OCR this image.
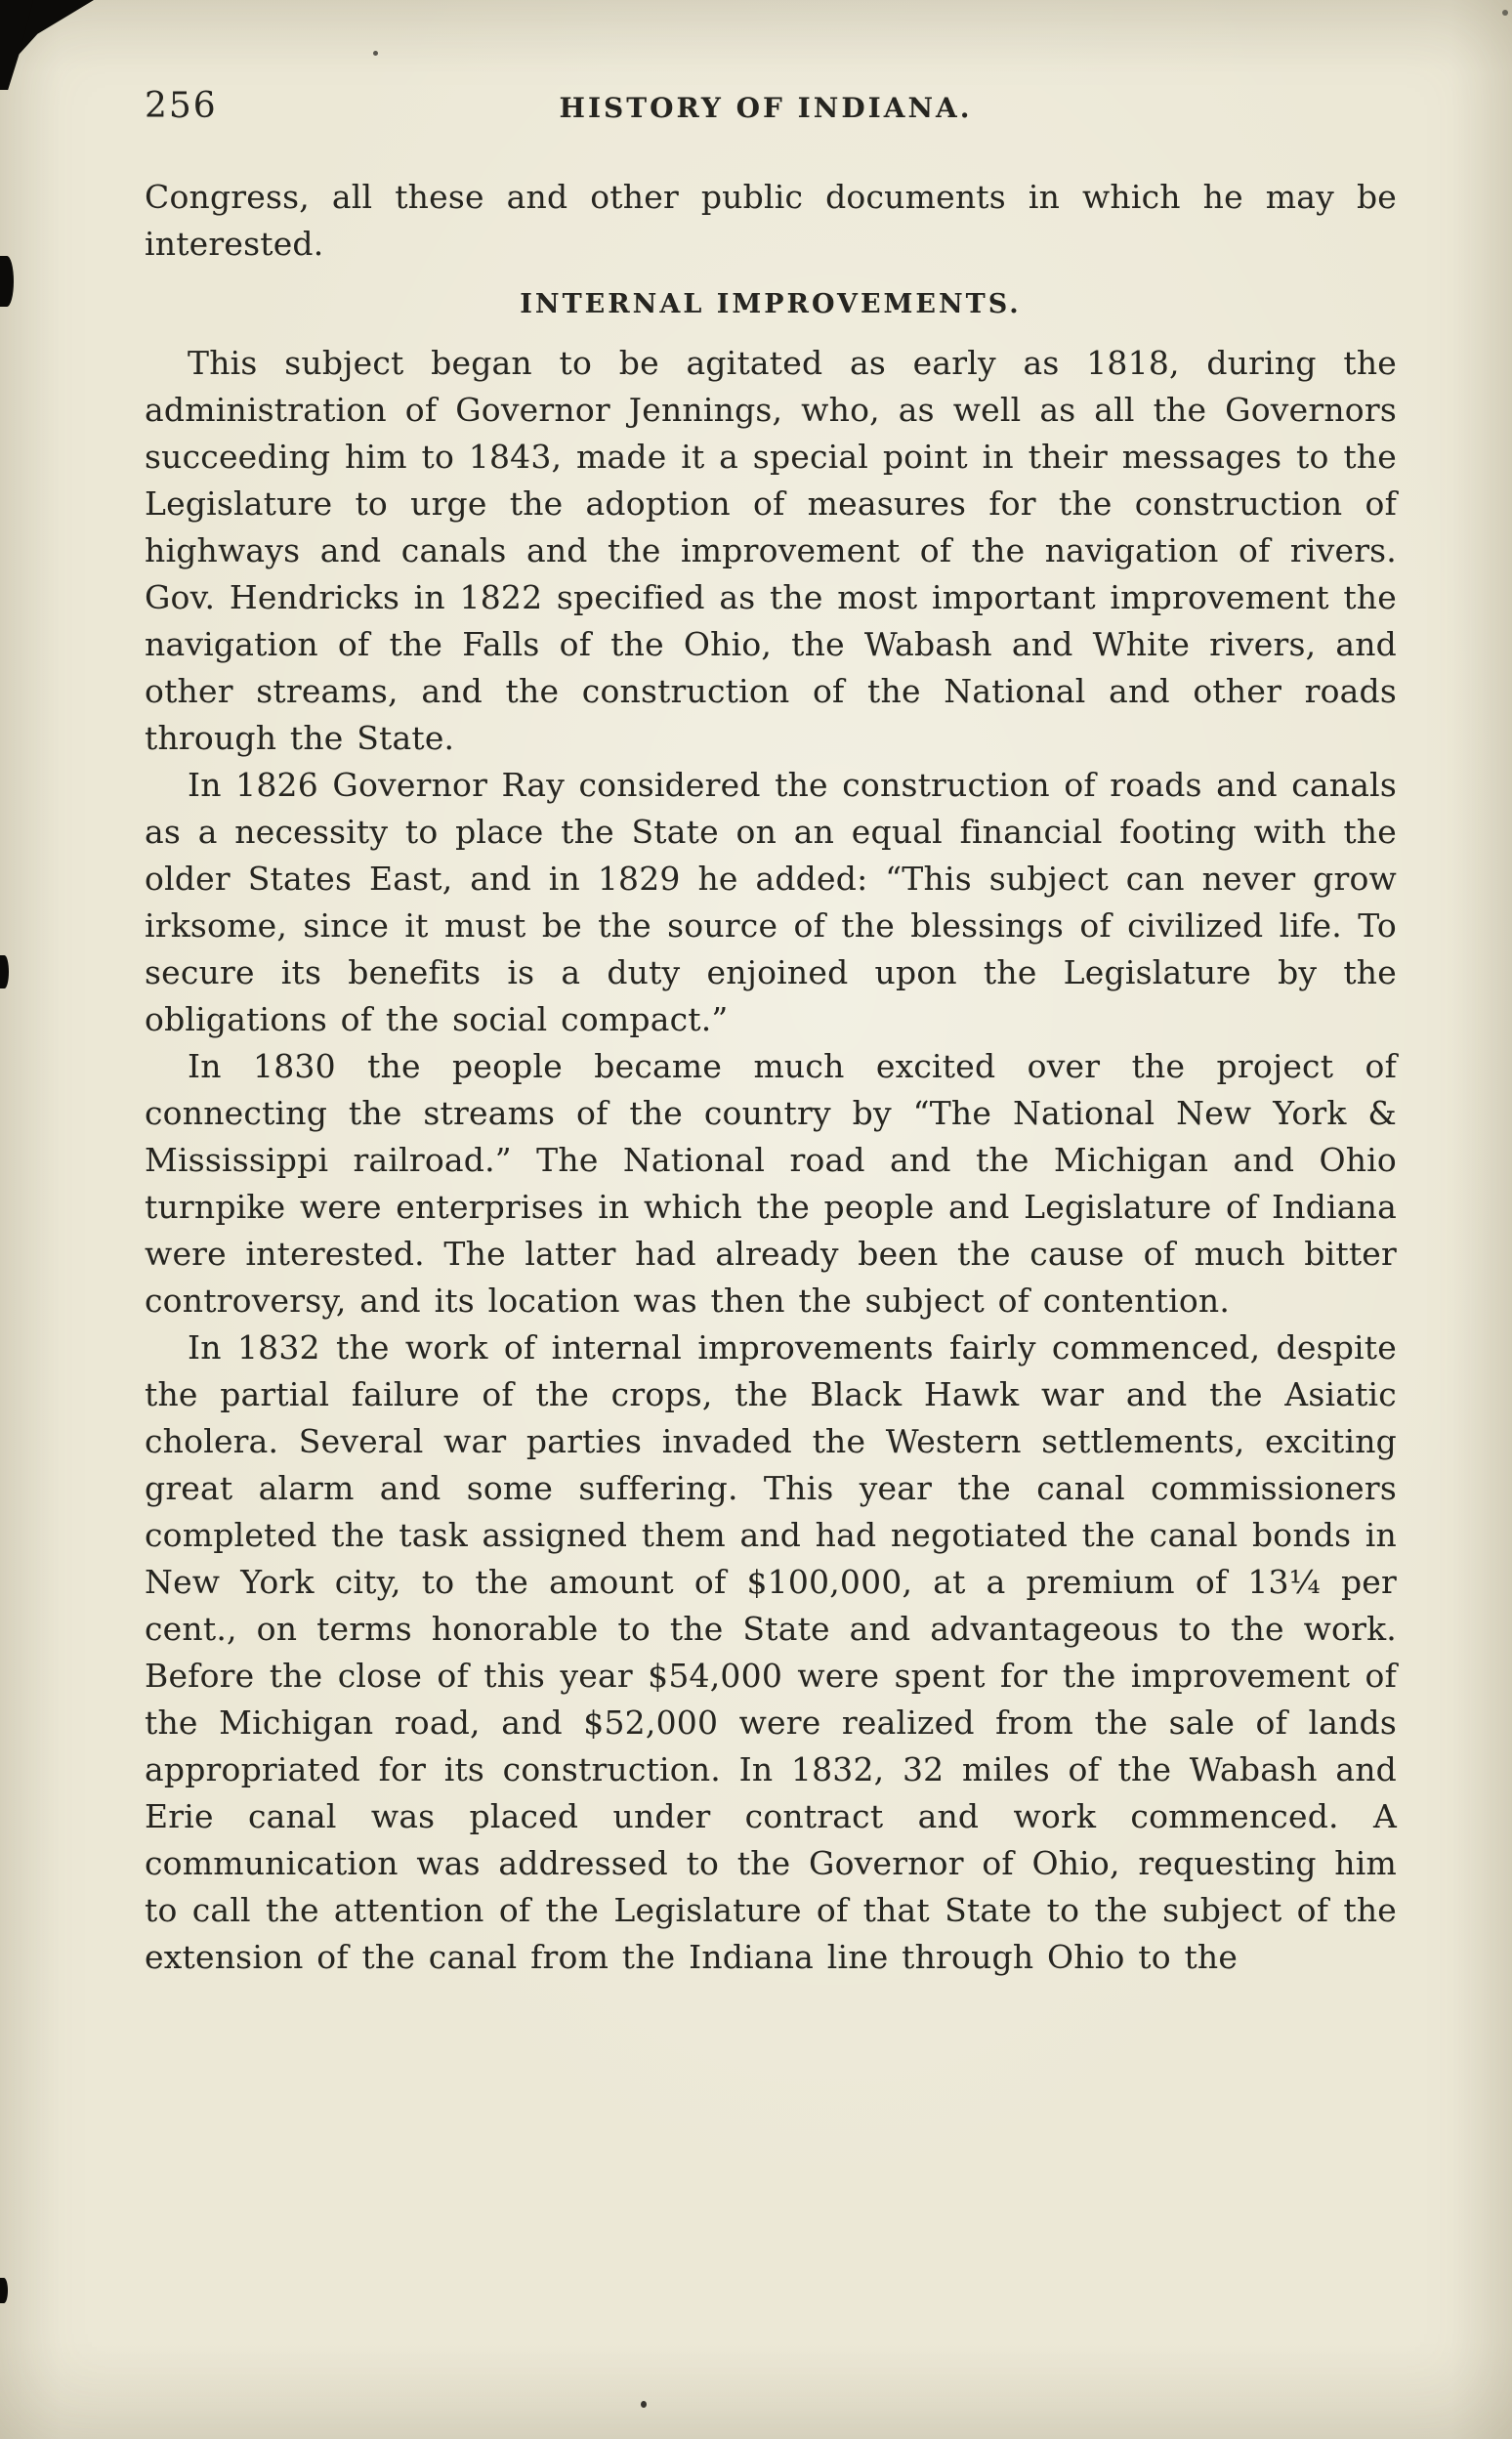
256	HISTORY OF INDIANA.

Congress, all these and other public documents in which he may be interested.

INTERNAL IMPROVEMENTS.

This subject began to be agitated as early as 1818, during the administration of Governor Jennings, who, as well as all the Governors succeeding him to 1843, made it a special point in their messages to the Legislature to urge the adoption of measures for the construction of highways and canals and the improvement of the navigation of rivers. Gov. Hendricks in 1822 specified as the most important improvement the navigation of the Falls of the Ohio, the Wabash and White rivers, and other streams, and the construction of the National and other roads through the State.

In 1826 Governor Ray considered the construction of roads and canals as a necessity to place the State on an equal financial footing with the older States East, and in 1829 he added: “This subject can never grow irksome, since it must be the source of the blessings of civilized life. To secure its benefits is a duty enjoined upon the Legislature by the obligations of the social compact.”

In 1830 the people became much excited over the project of connecting the streams of the country by “The National New York & Mississippi railroad.” The National road and the Michigan and Ohio turnpike were enterprises in which the people and Legislature of Indiana were interested. The latter had already been the cause of much bitter controversy, and its location was then the subject of contention.

In 1832 the work of internal improvements fairly commenced, despite the partial failure of the crops, the Black Hawk war and the Asiatic cholera. Several war parties invaded the Western settlements, exciting great alarm and some suffering. This year the canal commissioners completed the task assigned them and had negotiated the canal bonds in New York city, to the amount of $100,000, at a premium of 13¼ per cent., on terms honorable to the State and advantageous to the work. Before the close of this year $54,000 were spent for the improvement of the Michigan road, and $52,000 were realized from the sale of lands appropriated for its construction. In 1832, 32 miles of the Wabash and Erie canal was placed under contract and work commenced. A communication was addressed to the Governor of Ohio, requesting him to call the attention of the Legislature of that State to the subject of the extension of the canal from the Indiana line through Ohio to the
